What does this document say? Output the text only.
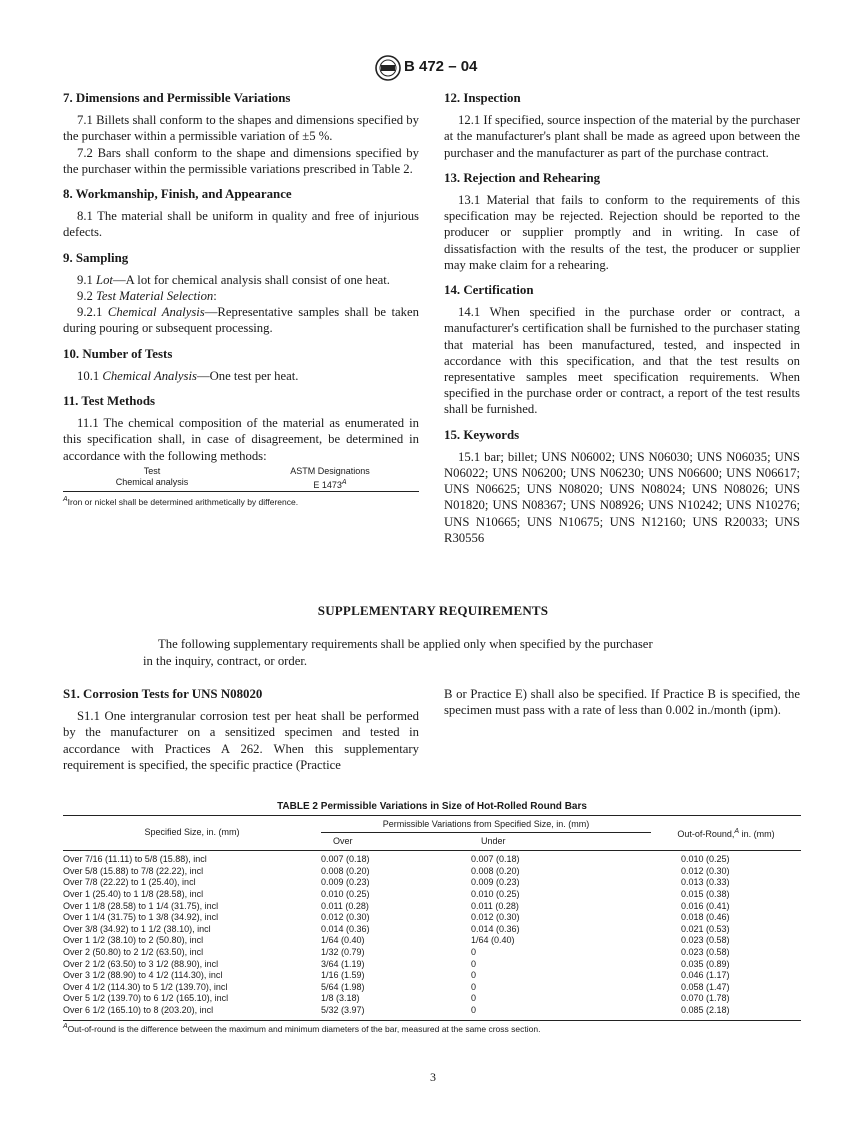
B 472 – 04
7. Dimensions and Permissible Variations

7.1 Billets shall conform to the shapes and dimensions specified by the purchaser within a permissible variation of ±5 %.

7.2 Bars shall conform to the shape and dimensions specified by the purchaser within the permissible variations prescribed in Table 2.

8. Workmanship, Finish, and Appearance

8.1 The material shall be uniform in quality and free of injurious defects.

9. Sampling

9.1 Lot—A lot for chemical analysis shall consist of one heat.

9.2 Test Material Selection:

9.2.1 Chemical Analysis—Representative samples shall be taken during pouring or subsequent processing.

10. Number of Tests

10.1 Chemical Analysis—One test per heat.

11. Test Methods

11.1 The chemical composition of the material as enumerated in this specification shall, in case of disagreement, be determined in accordance with the following methods:

Test	ASTM Designations
Chemical analysis	E $1473^A$
$^A$Iron or nickel shall be determined arithmetically by difference.
12. Inspection

12.1 If specified, source inspection of the material by the purchaser at the manufacturer's plant shall be made as agreed upon between the purchaser and the manufacturer as part of the purchase contract.

13. Rejection and Rehearing

13.1 Material that fails to conform to the requirements of this specification may be rejected. Rejection should be reported to the producer or supplier promptly and in writing. In case of dissatisfaction with the results of the test, the producer or supplier may make claim for a rehearing.

14. Certification

14.1 When specified in the purchase order or contract, a manufacturer's certification shall be furnished to the purchaser stating that material has been manufactured, tested, and inspected in accordance with this specification, and that the test results on representative samples meet specification requirements. When specified in the purchase order or contract, a report of the test results shall be furnished.

15. Keywords

15.1 bar; billet; UNS N06002; UNS N06030; UNS N06035; UNS N06022; UNS N06200; UNS N06230; UNS N06600; UNS N06617; UNS N06625; UNS N08020; UNS N08024; UNS N08026; UNS N01820; UNS N08367; UNS N08926; UNS N10242; UNS N10276; UNS N10665; UNS N10675; UNS N12160; UNS R20033; UNS R30556

SUPPLEMENTARY REQUIREMENTS
The following supplementary requirements shall be applied only when specified by the purchaser
in the inquiry, contract, or order.
S1. Corrosion Tests for UNS N08020

S1.1 One intergranular corrosion test per heat shall be performed by the manufacturer on a sensitized specimen and tested in accordance with Practices A 262. When this supplementary requirement is specified, the specific practice (Practice

B or Practice E) shall also be specified. If Practice B is specified, the specimen must pass with a rate of less than 0.002 in./month (ipm).

TABLE 2 Permissible Variations in Size of Hot-Rolled Round Bars
Specified Size, in. (mm)	Permissible Variations from Specified Size, in. (mm)		Out-of-Round,$^A$ in. (mm)
	Over	Under	
Over 7/16 (11.11) to 5/8 (15.88), incl	0.007 (0.18)	0.007 (0.18)	0.010 (0.25)
Over 5/8 (15.88) to 7/8 (22.22), incl	0.008 (0.20)	0.008 (0.20)	0.012 (0.30)
Over 7/8 (22.22) to 1 (25.40), incl	0.009 (0.23)	0.009 (0.23)	0.013 (0.33)
Over 1 (25.40) to 1 1/8 (28.58), incl	0.010 (0.25)	0.010 (0.25)	0.015 (0.38)
Over 1 1/8 (28.58) to 1 1/4 (31.75), incl	0.011 (0.28)	0.011 (0.28)	0.016 (0.41)
Over 1 1/4 (31.75) to 1 3/8 (34.92), incl	0.012 (0.30)	0.012 (0.30)	0.018 (0.46)
Over 3/8 (34.92) to 1 1/2 (38.10), incl	0.014 (0.36)	0.014 (0.36)	0.021 (0.53)
Over 1 1/2 (38.10) to 2 (50.80), incl	1/64 (0.40)	1/64 (0.40)	0.023 (0.58)
Over 2 (50.80) to 2 1/2 (63.50), incl	1/32 (0.79)	0	0.023 (0.58)
Over 2 1/2 (63.50) to 3 1/2 (88.90), incl	3/64 (1.19)	0	0.035 (0.89)
Over 3 1/2 (88.90) to 4 1/2 (114.30), incl	1/16 (1.59)	0	0.046 (1.17)
Over 4 1/2 (114.30) to 5 1/2 (139.70), incl	5/64 (1.98)	0	0.058 (1.47)
Over 5 1/2 (139.70) to 6 1/2 (165.10), incl	1/8 (3.18)	0	0.070 (1.78)
Over 6 1/2 (165.10) to 8 (203.20), incl	5/32 (3.97)	0	0.085 (2.18)
$^A$Out-of-round is the difference between the maximum and minimum diameters of the bar, measured at the same cross section.
3
